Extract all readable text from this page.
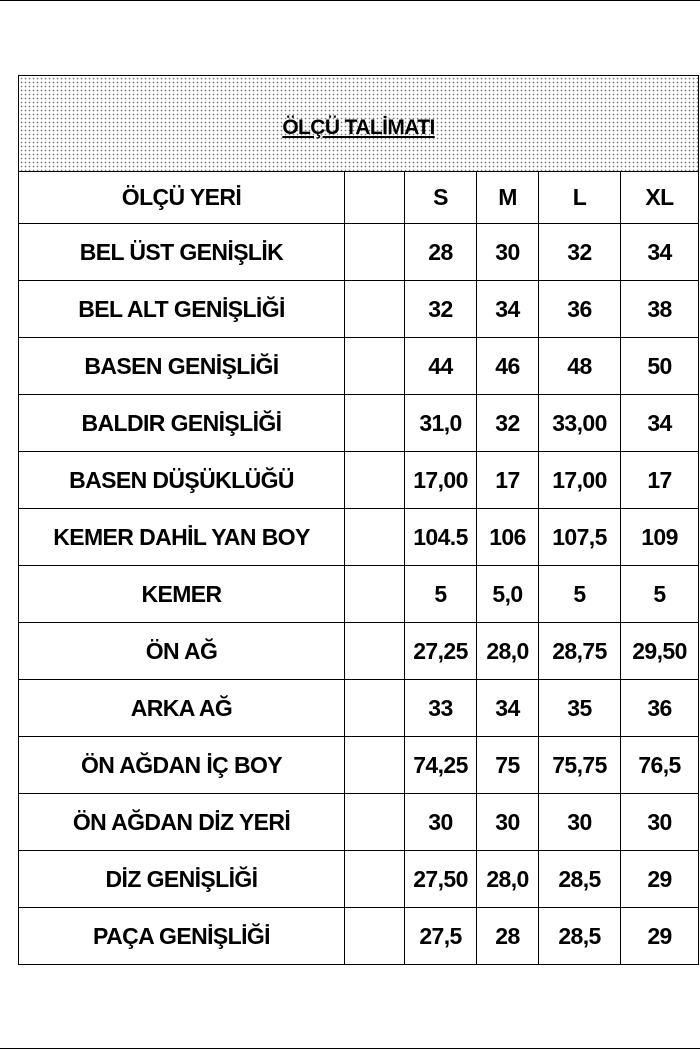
ÖLÇÜ TALİMATI					
ÖLÇÜ YERİ		S	M	L	XL
BEL ÜST GENİŞLİK		28	30	32	34
BEL ALT GENİŞLİĞİ		32	34	36	38
BASEN GENİŞLİĞİ		44	46	48	50
BALDIR GENİŞLİĞİ		31,0	32	33,00	34
BASEN DÜŞÜKLÜĞÜ		17,00	17	17,00	17
KEMER DAHİL YAN BOY		104.5	106	107,5	109
KEMER		5	5,0	5	5
ÖN AĞ		27,25	28,0	28,75	29,50
ARKA AĞ		33	34	35	36
ÖN AĞDAN İÇ BOY		74,25	75	75,75	76,5
ÖN AĞDAN DİZ YERİ		30	30	30	30
DİZ GENİŞLİĞİ		27,50	28,0	28,5	29
PAÇA GENİŞLİĞİ		27,5	28	28,5	29
